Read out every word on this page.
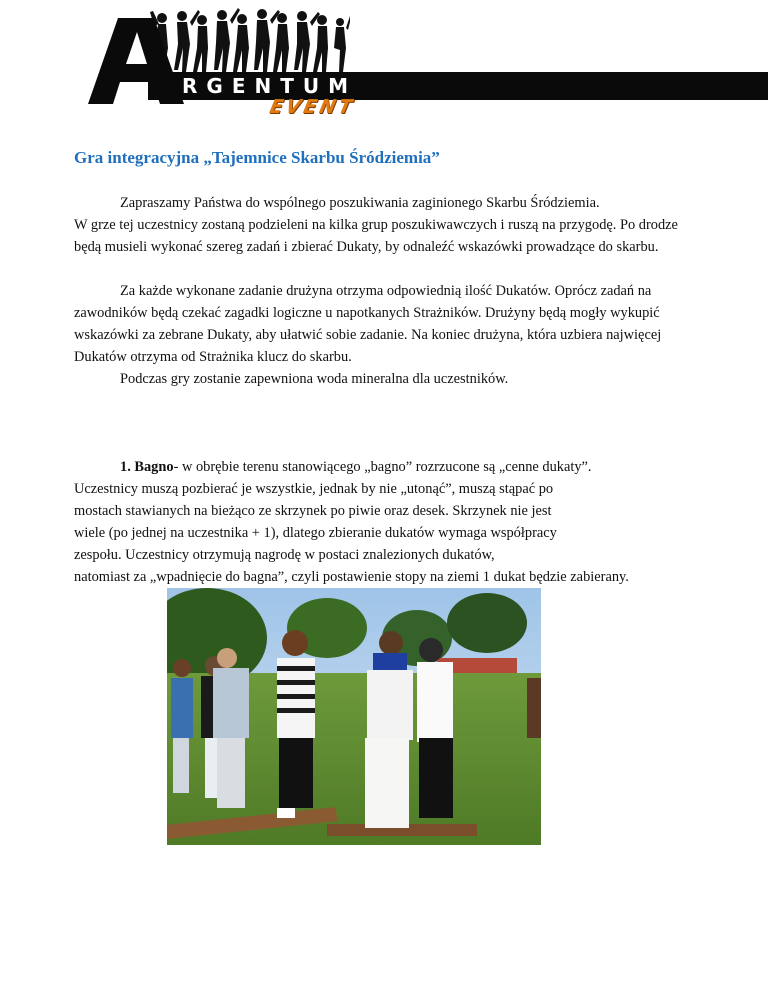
RGENTUM
EVENT
Gra integracyjna „Tajemnice Skarbu Śródziemia”

Zapraszamy Państwa do wspólnego poszukiwania zaginionego Skarbu Śródziemia.

W grze tej uczestnicy zostaną podzieleni na kilka grup poszukiwawczych i ruszą na przygodę. Po drodze będą musieli wykonać szereg zadań i zbierać Dukaty, by odnaleźć wskazówki prowadzące do skarbu.

Za każde wykonane zadanie drużyna otrzyma odpowiednią ilość Dukatów. Oprócz zadań na zawodników będą czekać zagadki logiczne u napotkanych Strażników. Drużyny będą mogły wykupić wskazówki za zebrane Dukaty, aby ułatwić sobie zadanie. Na koniec drużyna, która uzbiera najwięcej Dukatów otrzyma od Strażnika klucz do skarbu.

Podczas gry zostanie zapewniona woda mineralna dla uczestników.

1. Bagno- w obrębie terenu stanowiącego „bagno” rozrzucone są „cenne dukaty”.

Uczestnicy muszą pozbierać je wszystkie, jednak by nie „utonąć”, muszą stąpać po

mostach stawianych na bieżąco ze skrzynek po piwie oraz desek. Skrzynek nie jest

wiele (po jednej na uczestnika + 1), dlatego zbieranie dukatów wymaga współpracy

zespołu. Uczestnicy otrzymują nagrodę w postaci znalezionych dukatów,

natomiast za „wpadnięcie do bagna”, czyli postawienie stopy na ziemi 1 dukat będzie zabierany.
